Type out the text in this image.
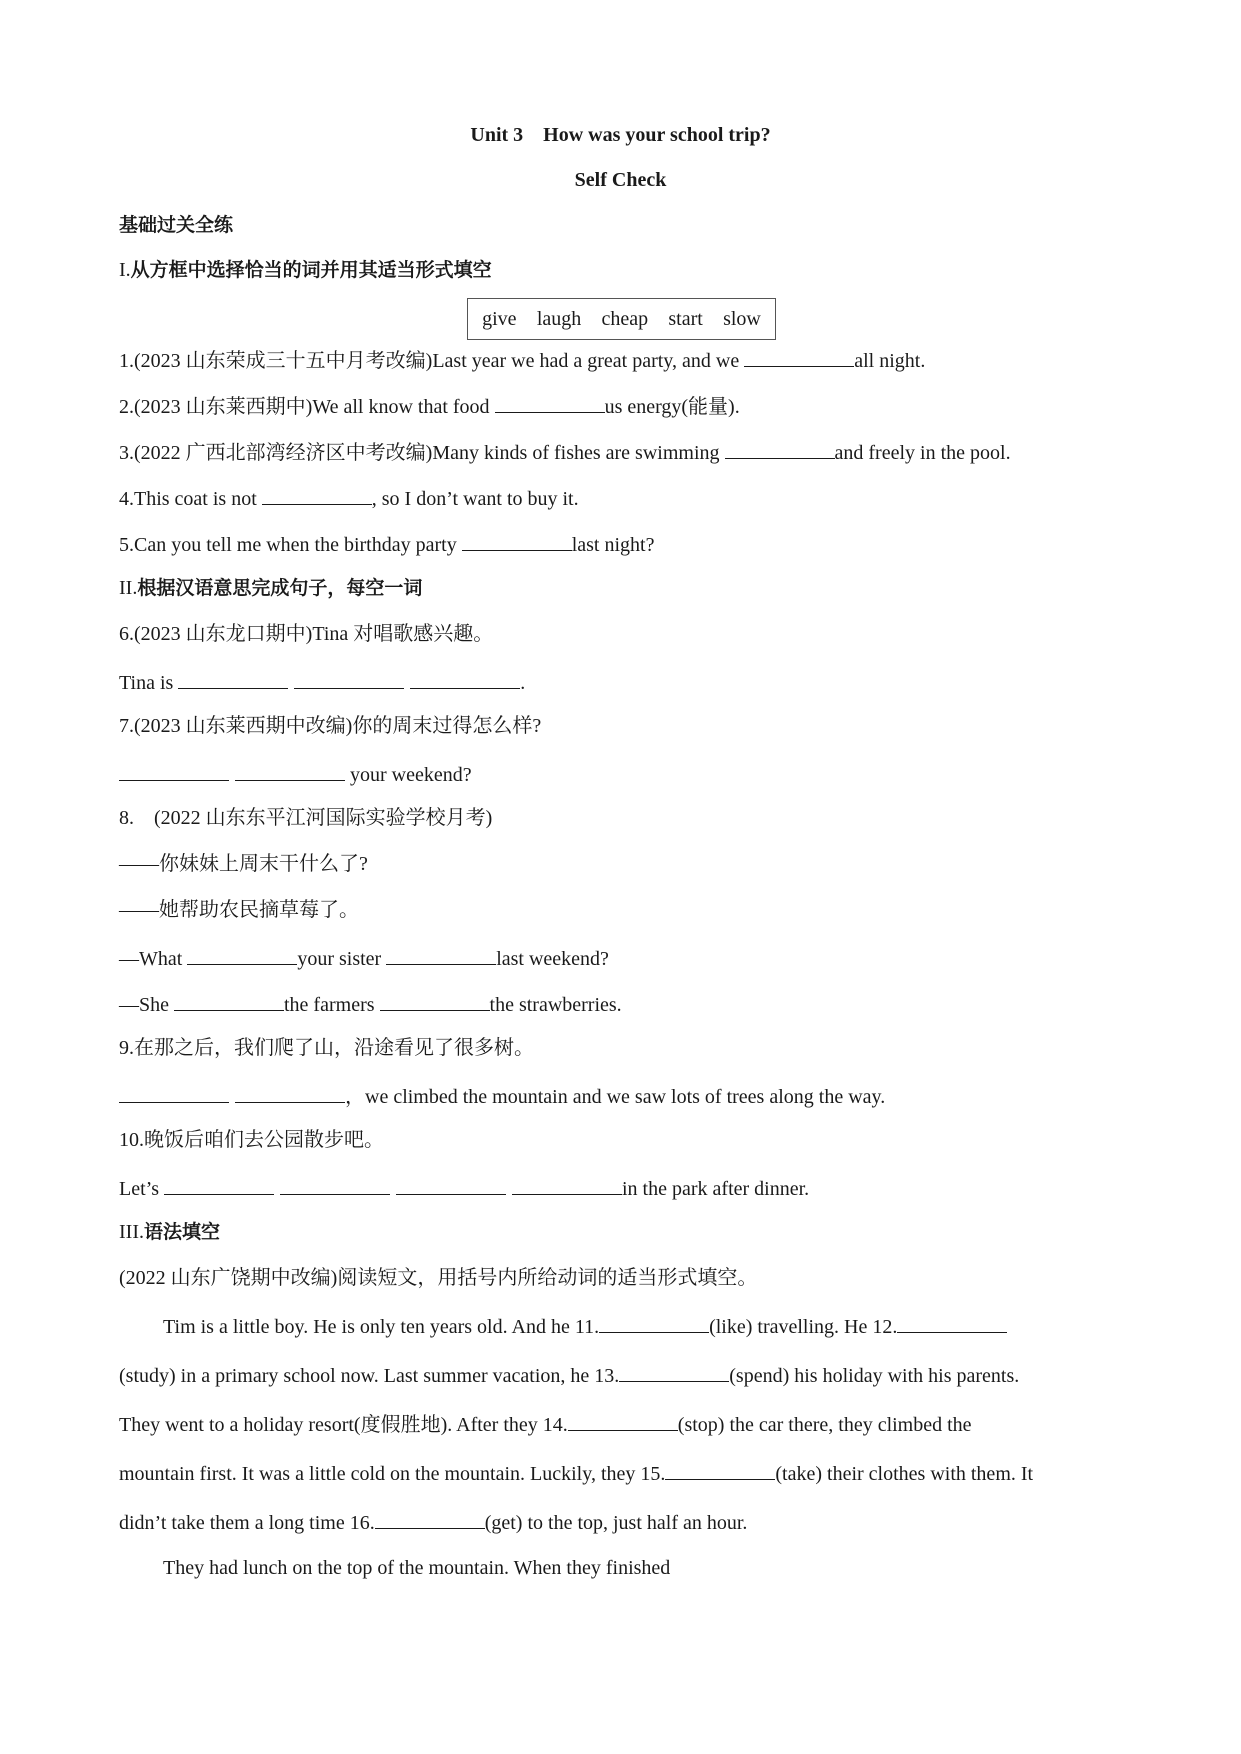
Unit 3　How was your school trip?
Self Check
基础过关全练
I.从方框中选择恰当的词并用其适当形式填空
give laugh cheap start slow
1.(2023 山东荣成三十五中月考改编)Last year we had a great party, and we	all night.
2.(2023 山东莱西期中)We all know that food	us energy(能量).
3.(2022 广西北部湾经济区中考改编)Many kinds of fishes are swimming	and freely in the pool.
4.This coat is not	, so I don’t want to buy it.
5.Can you tell me when the birthday party	last night?
II.根据汉语意思完成句子，每空一词
6.(2023 山东龙口期中)Tina 对唱歌感兴趣。
Tina is	.
7.(2023 山东莱西期中改编)你的周末过得怎么样?
your weekend?
8.　(2022 山东东平江河国际实验学校月考)
——你妹妹上周末干什么了?
——她帮助农民摘草莓了。
—What	your sister	last weekend?
—She	the farmers	the strawberries.
9.在那之后，我们爬了山，沿途看见了很多树。
，we climbed the mountain and we saw lots of trees along the way.
10.晚饭后咱们去公园散步吧。
Let’s	in the park after dinner.
III.语法填空
(2022 山东广饶期中改编)阅读短文，用括号内所给动词的适当形式填空。
Tim is a little boy. He is only ten years old. And he 11.	(like) travelling. He 12.
(study) in a primary school now. Last summer vacation, he 13.	(spend) his holiday with his parents.
They went to a holiday resort(度假胜地). After they 14.	(stop) the car there, they climbed the
mountain first. It was a little cold on the mountain. Luckily, they 15.	(take) their clothes with them. It
didn’t take them a long time 16.	(get) to the top, just half an hour.
They had lunch on the top of the mountain. When they finished
